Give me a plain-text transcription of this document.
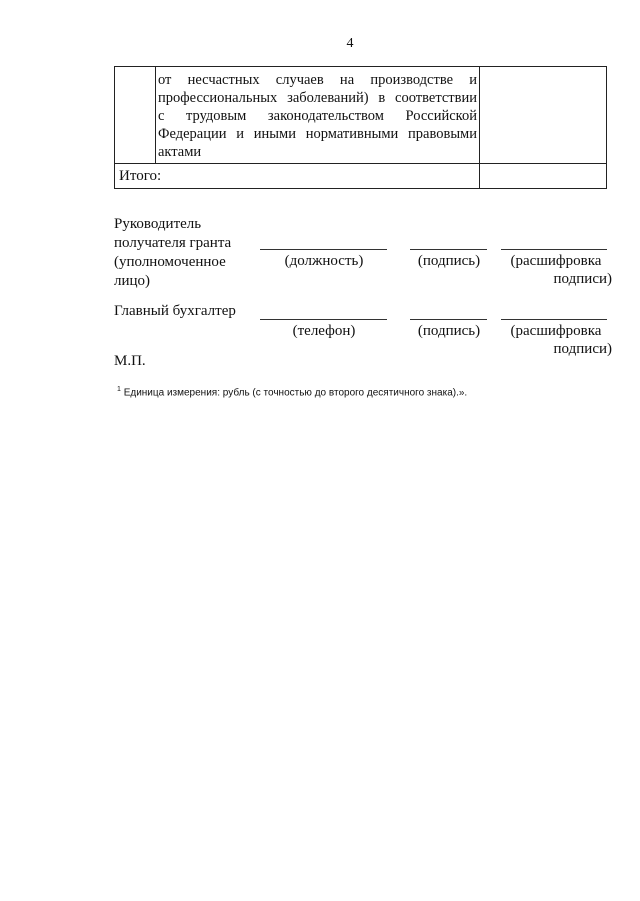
4

	от несчастных случаев на производстве и
профессиональных заболеваний) в соответствии
с трудовым законодательством Российской
Федерации и иными нормативными правовыми
актами	

Итого:		
Руководитель
получателя гранта
(уполномоченное
лицо)
(должность)	(подпись)	(расшифровка
подписи)
Главный бухгалтер
(телефон)	(подпись)	(расшифровка
подписи)
М.П.
$^1$ Единица измерения: рубль (с точностью до второго десятичного знака).».
